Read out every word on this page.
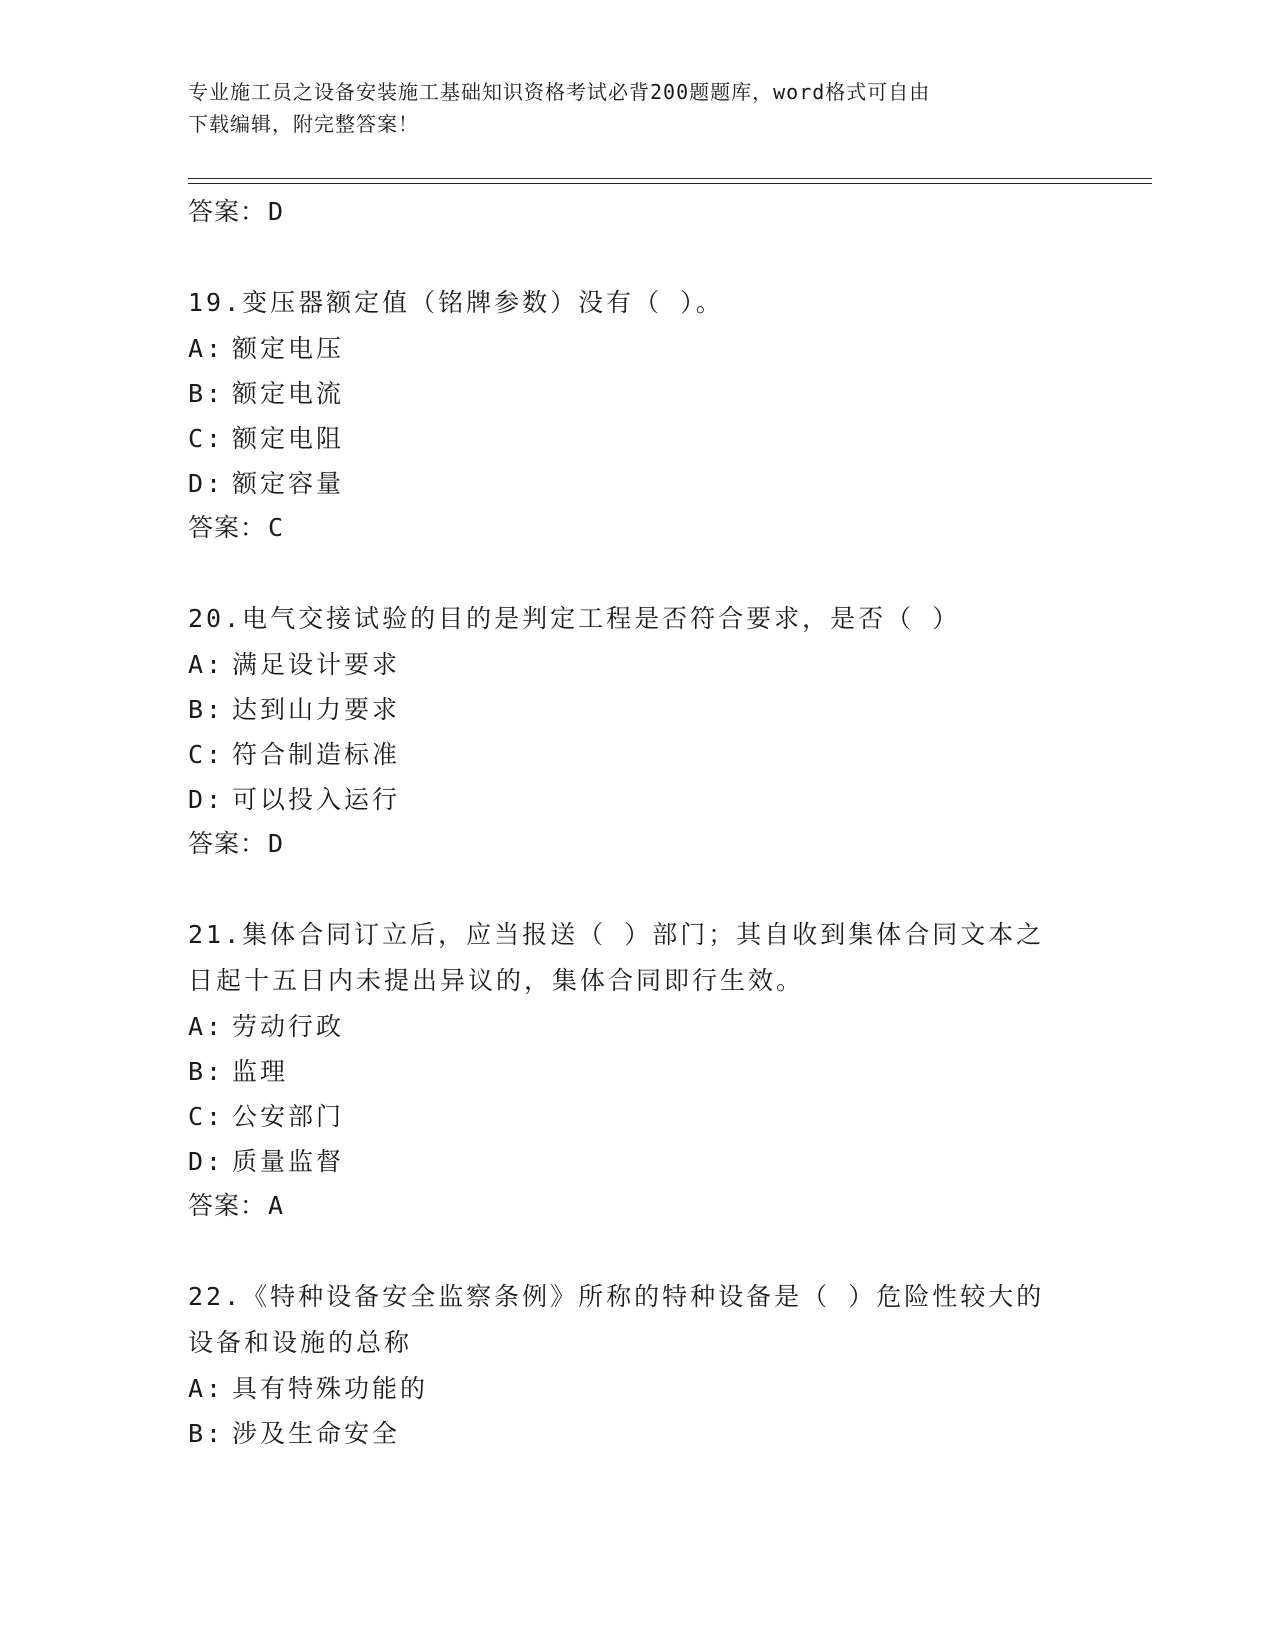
专业施工员之设备安装施工基础知识资格考试必背200题题库，word格式可自由
下载编辑，附完整答案！
答案：D
19.变压器额定值（铭牌参数）没有（ ）。
A: 额定电压
B: 额定电流
C: 额定电阻
D: 额定容量
答案：C
20.电气交接试验的目的是判定工程是否符合要求，是否（ ）
A: 满足设计要求
B: 达到山力要求
C: 符合制造标准
D: 可以投入运行
答案：D
21.集体合同订立后，应当报送（ ）部门；其自收到集体合同文本之
日起十五日内未提出异议的，集体合同即行生效。
A: 劳动行政
B: 监理
C: 公安部门
D: 质量监督
答案：A
22.《特种设备安全监察条例》所称的特种设备是（ ）危险性较大的
设备和设施的总称
A: 具有特殊功能的
B: 涉及生命安全
